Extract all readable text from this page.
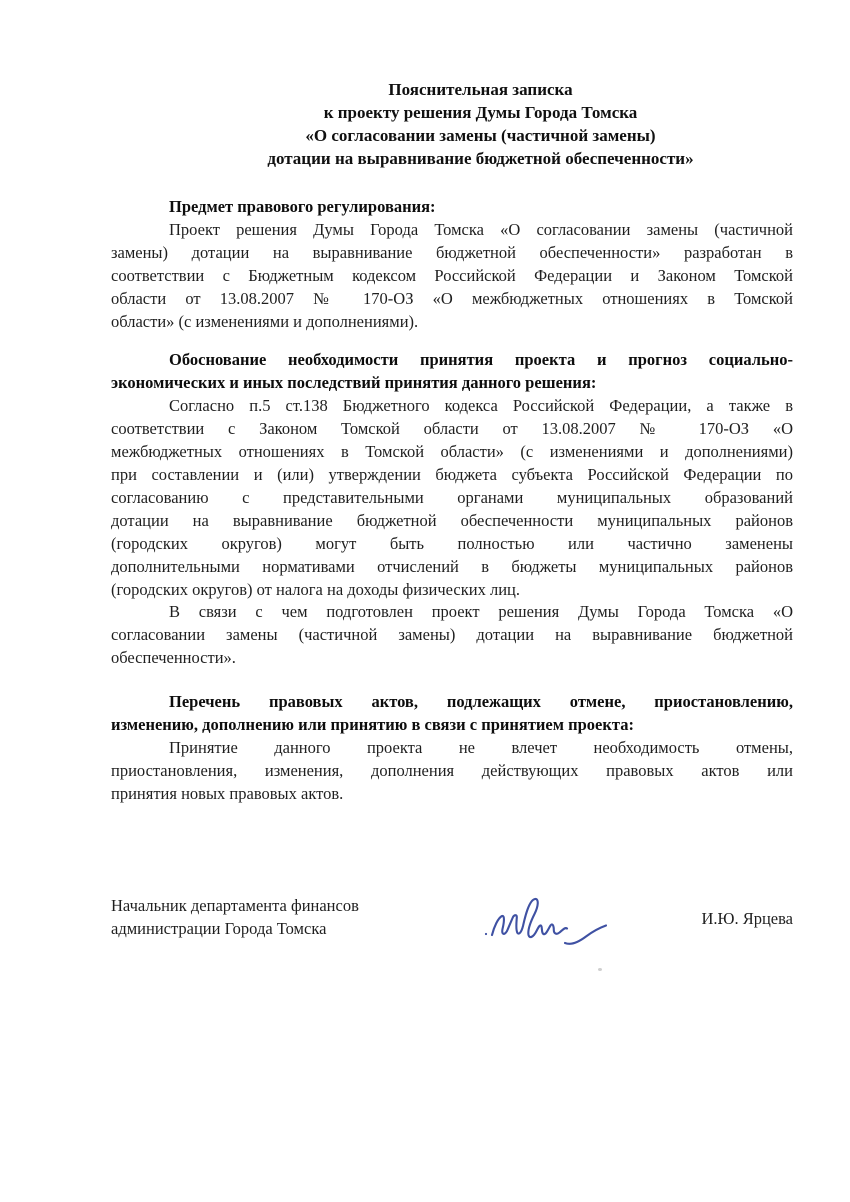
Пояснительная записка
к проекту решения Думы Города Томска
«О согласовании замены (частичной замены)
дотации на выравнивание бюджетной обеспеченности»
Предмет правового регулирования:
Проект решения Думы Города Томска «О согласовании замены (частичной
замены) дотации на выравнивание бюджетной обеспеченности» разработан в
соответствии с Бюджетным кодексом Российской Федерации и Законом Томской
области от 13.08.2007 № 170-ОЗ «О межбюджетных отношениях в Томской
области» (с изменениями и дополнениями).
Обоснование необходимости принятия проекта и прогноз социально-
экономических и иных последствий принятия данного решения:
Согласно п.5 ст.138 Бюджетного кодекса Российской Федерации, а также в
соответствии с Законом Томской области от 13.08.2007 № 170-ОЗ «О
межбюджетных отношениях в Томской области» (с изменениями и дополнениями)
при составлении и (или) утверждении бюджета субъекта Российской Федерации по
согласованию с представительными органами муниципальных образований
дотации на выравнивание бюджетной обеспеченности муниципальных районов
(городских округов) могут быть полностью или частично заменены
дополнительными нормативами отчислений в бюджеты муниципальных районов
(городских округов) от налога на доходы физических лиц.
В связи с чем подготовлен проект решения Думы Города Томска «О
согласовании замены (частичной замены) дотации на выравнивание бюджетной
обеспеченности».
Перечень правовых актов, подлежащих отмене, приостановлению,
изменению, дополнению или принятию в связи с принятием проекта:
Принятие данного проекта не влечет необходимость отмены,
приостановления, изменения, дополнения действующих правовых актов или
принятия новых правовых актов.
Начальник департамента финансов
администрации Города Томска
И.Ю. Ярцева
